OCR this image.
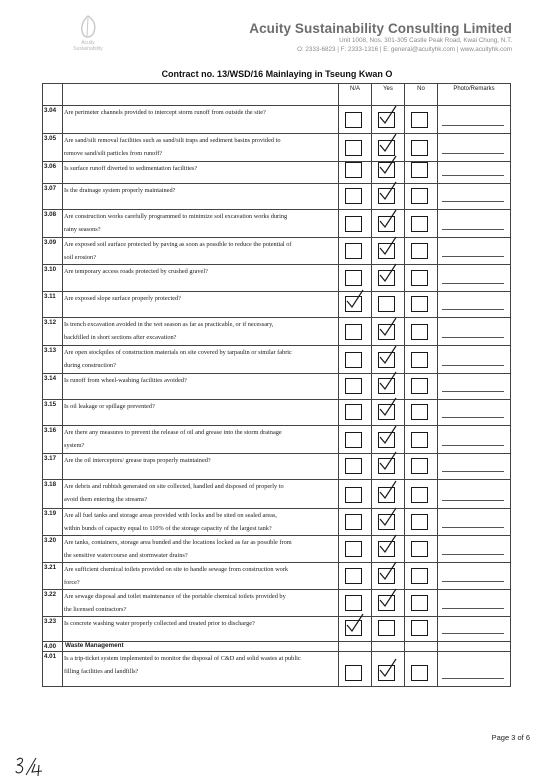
Acuity
Sustainability
Acuity Sustainability Consulting Limited
Unit 1008, Nos. 301-305 Castle Peak Road, Kwai Chung, N.T.
O: 2333-6823 | F: 2333-1316 | E: general@acuityhk.com | www.acuityhk.com
Contract no. 13/WSD/16 Mainlaying in Tseung Kwan O
		N/A	Yes	No	Photo/Remarks
3.04	Are perimeter channels provided to intercept storm runoff from outside the site?

3.05	Are sand/silt removal facilities such as sand/silt traps and sediment basins provided to
remove sand/silt particles from runoff?

3.06	Is surface runoff diverted to sedimentation facilities?

3.07	Is the drainage system properly maintained?

3.08	Are construction works carefully programmed to minimize soil excavation works during
rainy seasons?

3.09	Are exposed soil surface protected by paving as soon as possible to reduce the potential of
soil erosion?

3.10	Are temporary access roads protected by crushed gravel?

3.11	Are exposed slope surface properly protected?

3.12	Is trench excavation avoided in the wet season as far as practicable, or if necessary,
backfilled in short sections after excavation?

3.13	Are open stockpiles of construction materials on site covered by tarpaulin or similar fabric
during construction?

3.14	Is runoff from wheel-washing facilities avoided?

3.15	Is oil leakage or spillage prevented?

3.16	Are there any measures to prevent the release of oil and grease into the storm drainage
system?

3.17	Are the oil interceptors/ grease traps properly maintained?

3.18	Are debris and rubbish generated on site collected, handled and disposed of properly to
avoid them entering the streams?

3.19	Are all fuel tanks and storage areas provided with locks and be sited on sealed areas,
within bunds of capacity equal to 110% of the storage capacity of the largest tank?

3.20	Are tanks, containers, storage area bunded and the locations locked as far as possible from
the sensitive watercourse and stormwater drains?

3.21	Are sufficient chemical toilets provided on site to handle sewage from construction work
force?

3.22	Are sewage disposal and toilet maintenance of the portable chemical toilets provided by
the licensed contractors?

3.23	Is concrete washing water properly collected and treated prior to discharge?

4.00	Waste Management				

4.01	Is a trip-ticket system implemented to monitor the disposal of C&D and solid wastes at public
filling facilities and landfills?

Page 3 of 6
